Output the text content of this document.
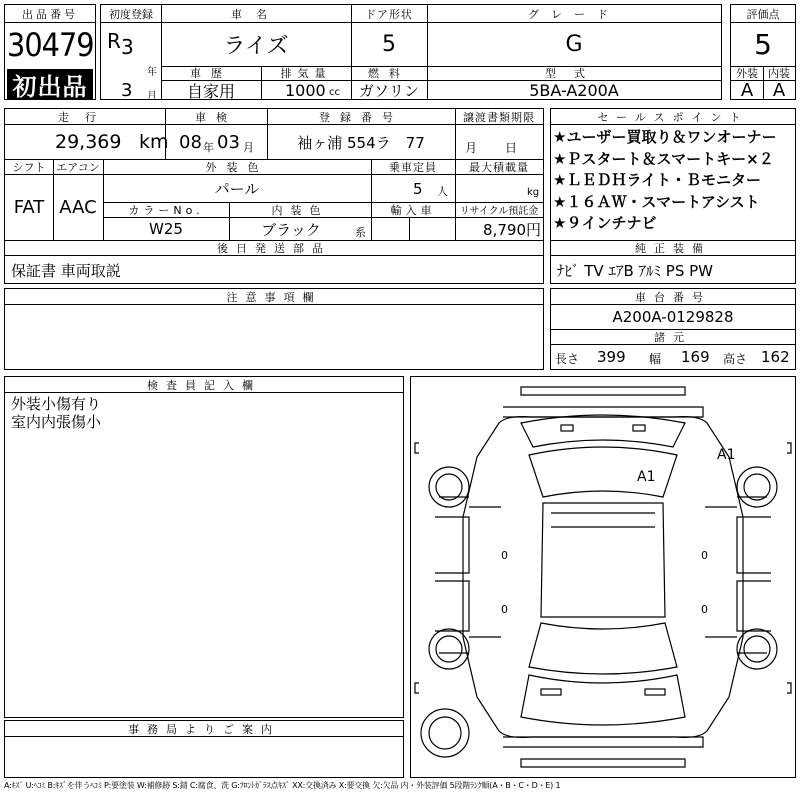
出品番号
30479
初出品
初度登録
R 3
年
3 月
車名
ライズ
ドア形状
5
グレード
G
車歴
自家用
排気量
1000 cc
燃料
ガソリン
型式
5BA-A200A
評価点
5
外装 内装
A	A
走行
29,369 km
車検
08 年 03 月
登録番号
袖ヶ浦 554ラ　77
譲渡書類期限
月 日
シフト
FAT
エアコン
AAC
外装色
パール
乗車定員
5 人
最大積載量
kg
カラーNo.
W25
内装色
ブラック	系
輸入車	リサイクル預託金
8,790円
後日発送部品
保証書 車両取説
セールスポイント
★ユーザー買取り＆ワンオーナー
★Ｐスタート＆スマートキー×２
★ＬＥＤＨライト・Ｂモニター
★１６ＡＷ・スマートアシスト
★９インチナビ
純正装備
ﾅﾋﾞ TV ｴｱB ｱﾙﾐ PS PW
注意事項欄	車台番号
A200A-0129828
諸元
長さ 399 幅 169 高さ 162
検査員記入欄
外装小傷有り
室内内張傷小
事務局よりご案内
A1
A1
0
0
0
0
A:ｷｽﾞ U:ﾍｺﾐ B:ｷｽﾞを伴うﾍｺﾐ P:要塗装 W:補修跡 S:錆 C:腐食、洗 G:ﾌﾛﾝﾄｶﾞﾗｽ点ｷｽﾞ XX:交換済み X:要交換 欠:欠品 内・外装評価 5段階ﾗﾝｸ順(A・B・C・D・E) 1
